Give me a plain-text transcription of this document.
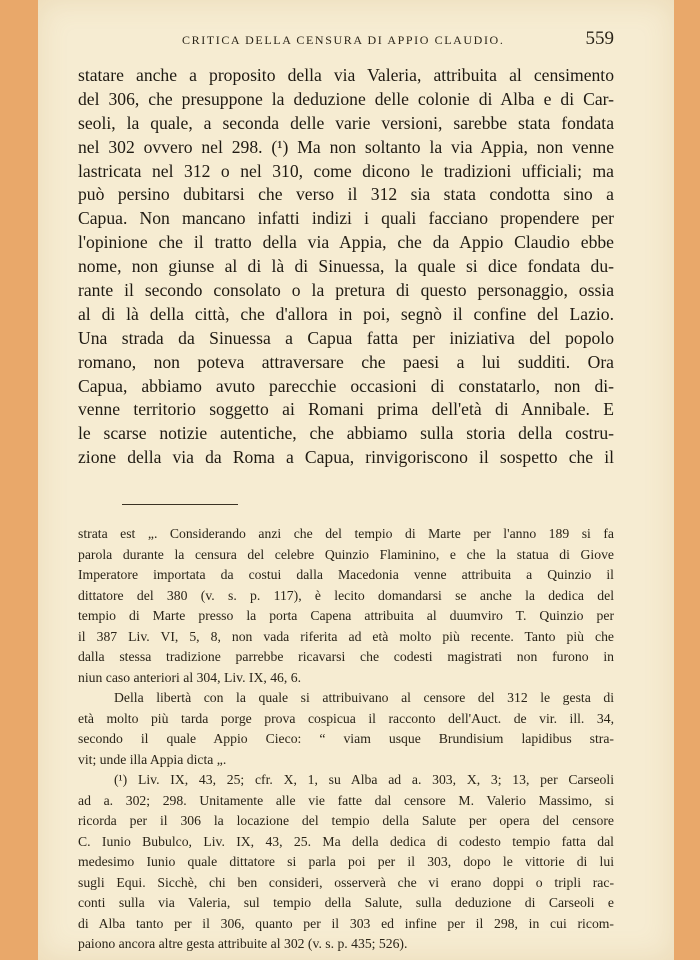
CRITICA DELLA CENSURA DI APPIO CLAUDIO.	559
statare anche a proposito della via Valeria, attribuita al censimento
del 306, che presuppone la deduzione delle colonie di Alba e di Car-
seoli, la quale, a seconda delle varie versioni, sarebbe stata fondata
nel 302 ovvero nel 298. (¹) Ma non soltanto la via Appia, non venne
lastricata nel 312 o nel 310, come dicono le tradizioni ufficiali; ma
può persino dubitarsi che verso il 312 sia stata condotta sino a
Capua. Non mancano infatti indizi i quali facciano propendere per
l'opinione che il tratto della via Appia, che da Appio Claudio ebbe
nome, non giunse al di là di Sinuessa, la quale si dice fondata du-
rante il secondo consolato o la pretura di questo personaggio, ossia
al di là della città, che d'allora in poi, segnò il confine del Lazio.
Una strada da Sinuessa a Capua fatta per iniziativa del popolo
romano, non poteva attraversare che paesi a lui sudditi. Ora
Capua, abbiamo avuto parecchie occasioni di constatarlo, non di-
venne territorio soggetto ai Romani prima dell'età di Annibale. E
le scarse notizie autentiche, che abbiamo sulla storia della costru-
zione della via da Roma a Capua, rinvigoriscono il sospetto che il
strata est „. Considerando anzi che del tempio di Marte per l'anno 189 si fa
parola durante la censura del celebre Quinzio Flaminino, e che la statua di Giove
Imperatore importata da costui dalla Macedonia venne attribuita a Quinzio il
dittatore del 380 (v. s. p. 117), è lecito domandarsi se anche la dedica del
tempio di Marte presso la porta Capena attribuita al duumviro T. Quinzio per
il 387 Liv. VI, 5, 8, non vada riferita ad età molto più recente. Tanto più che
dalla stessa tradizione parrebbe ricavarsi che codesti magistrati non furono in
niun caso anteriori al 304, Liv. IX, 46, 6.
Della libertà con la quale si attribuivano al censore del 312 le gesta di
età molto più tarda porge prova cospicua il racconto dell'Auct. de vir. ill. 34,
secondo il quale Appio Cieco: “ viam usque Brundisium lapidibus stra-
vit; unde illa Appia dicta „.
(¹) Liv. IX, 43, 25; cfr. X, 1, su Alba ad a. 303, X, 3; 13, per Carseoli
ad a. 302; 298. Unitamente alle vie fatte dal censore M. Valerio Massimo, si
ricorda per il 306 la locazione del tempio della Salute per opera del censore
C. Iunio Bubulco, Liv. IX, 43, 25. Ma della dedica di codesto tempio fatta dal
medesimo Iunio quale dittatore si parla poi per il 303, dopo le vittorie di lui
sugli Equi. Sicchè, chi ben consideri, osserverà che vi erano doppi o tripli rac-
conti sulla via Valeria, sul tempio della Salute, sulla deduzione di Carseoli e
di Alba tanto per il 306, quanto per il 303 ed infine per il 298, in cui ricom-
paiono ancora altre gesta attribuite al 302 (v. s. p. 435; 526).
